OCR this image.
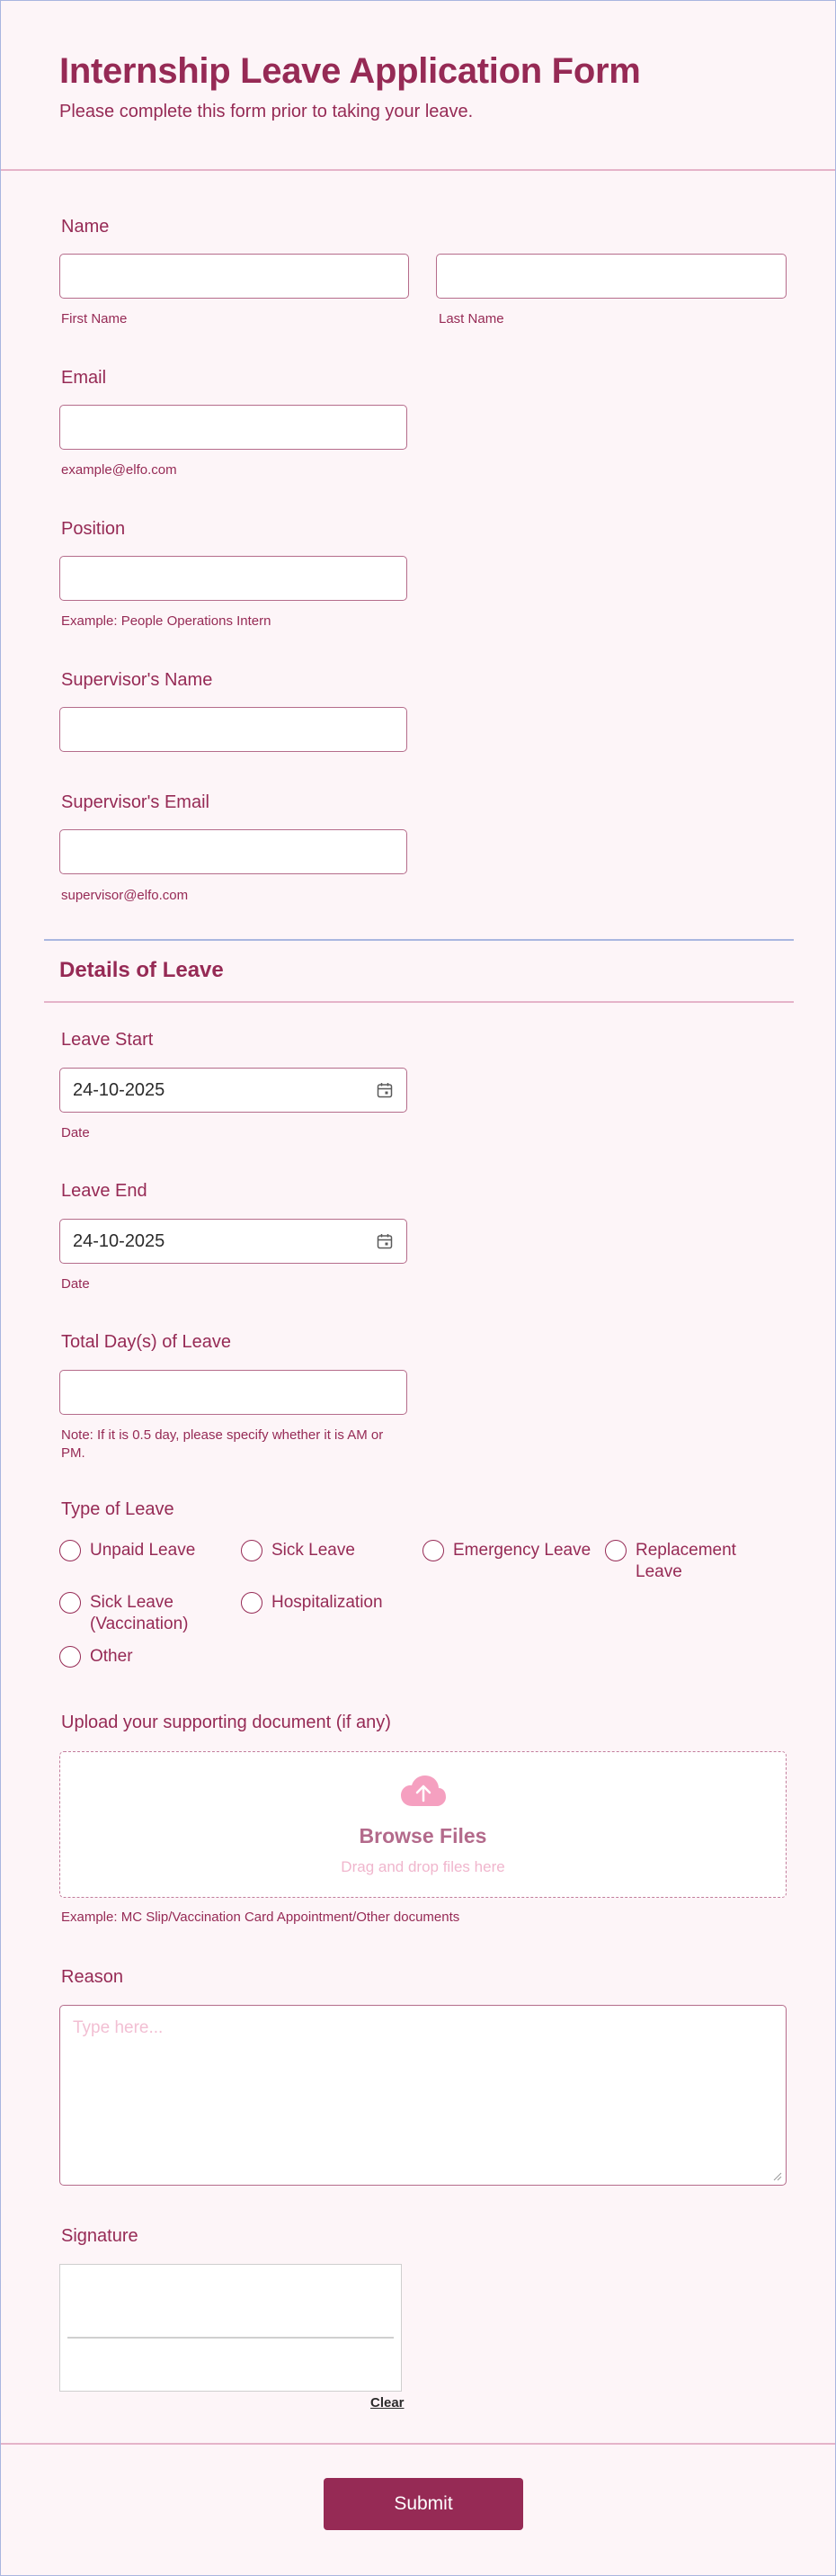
Internship Leave Application Form
Please complete this form prior to taking your leave.
Name
First Name	Last Name
Email
example@elfo.com
Position
Example: People Operations Intern
Supervisor's Name
Supervisor's Email
supervisor@elfo.com
Details of Leave
Leave Start
24-10-2025
Date
Leave End
24-10-2025
Date
Total Day(s) of Leave
Note: If it is 0.5 day, please specify whether it is AM or
PM.
Type of Leave
Unpaid Leave	Sick Leave	Emergency Leave	Replacement
Leave
Sick Leave
(Vaccination)
Hospitalization
Other
Upload your supporting document (if any)
Browse Files
Drag and drop files here
Example: MC Slip/Vaccination Card Appointment/Other documents
Reason
Type here...
Signature
Clear
Submit
